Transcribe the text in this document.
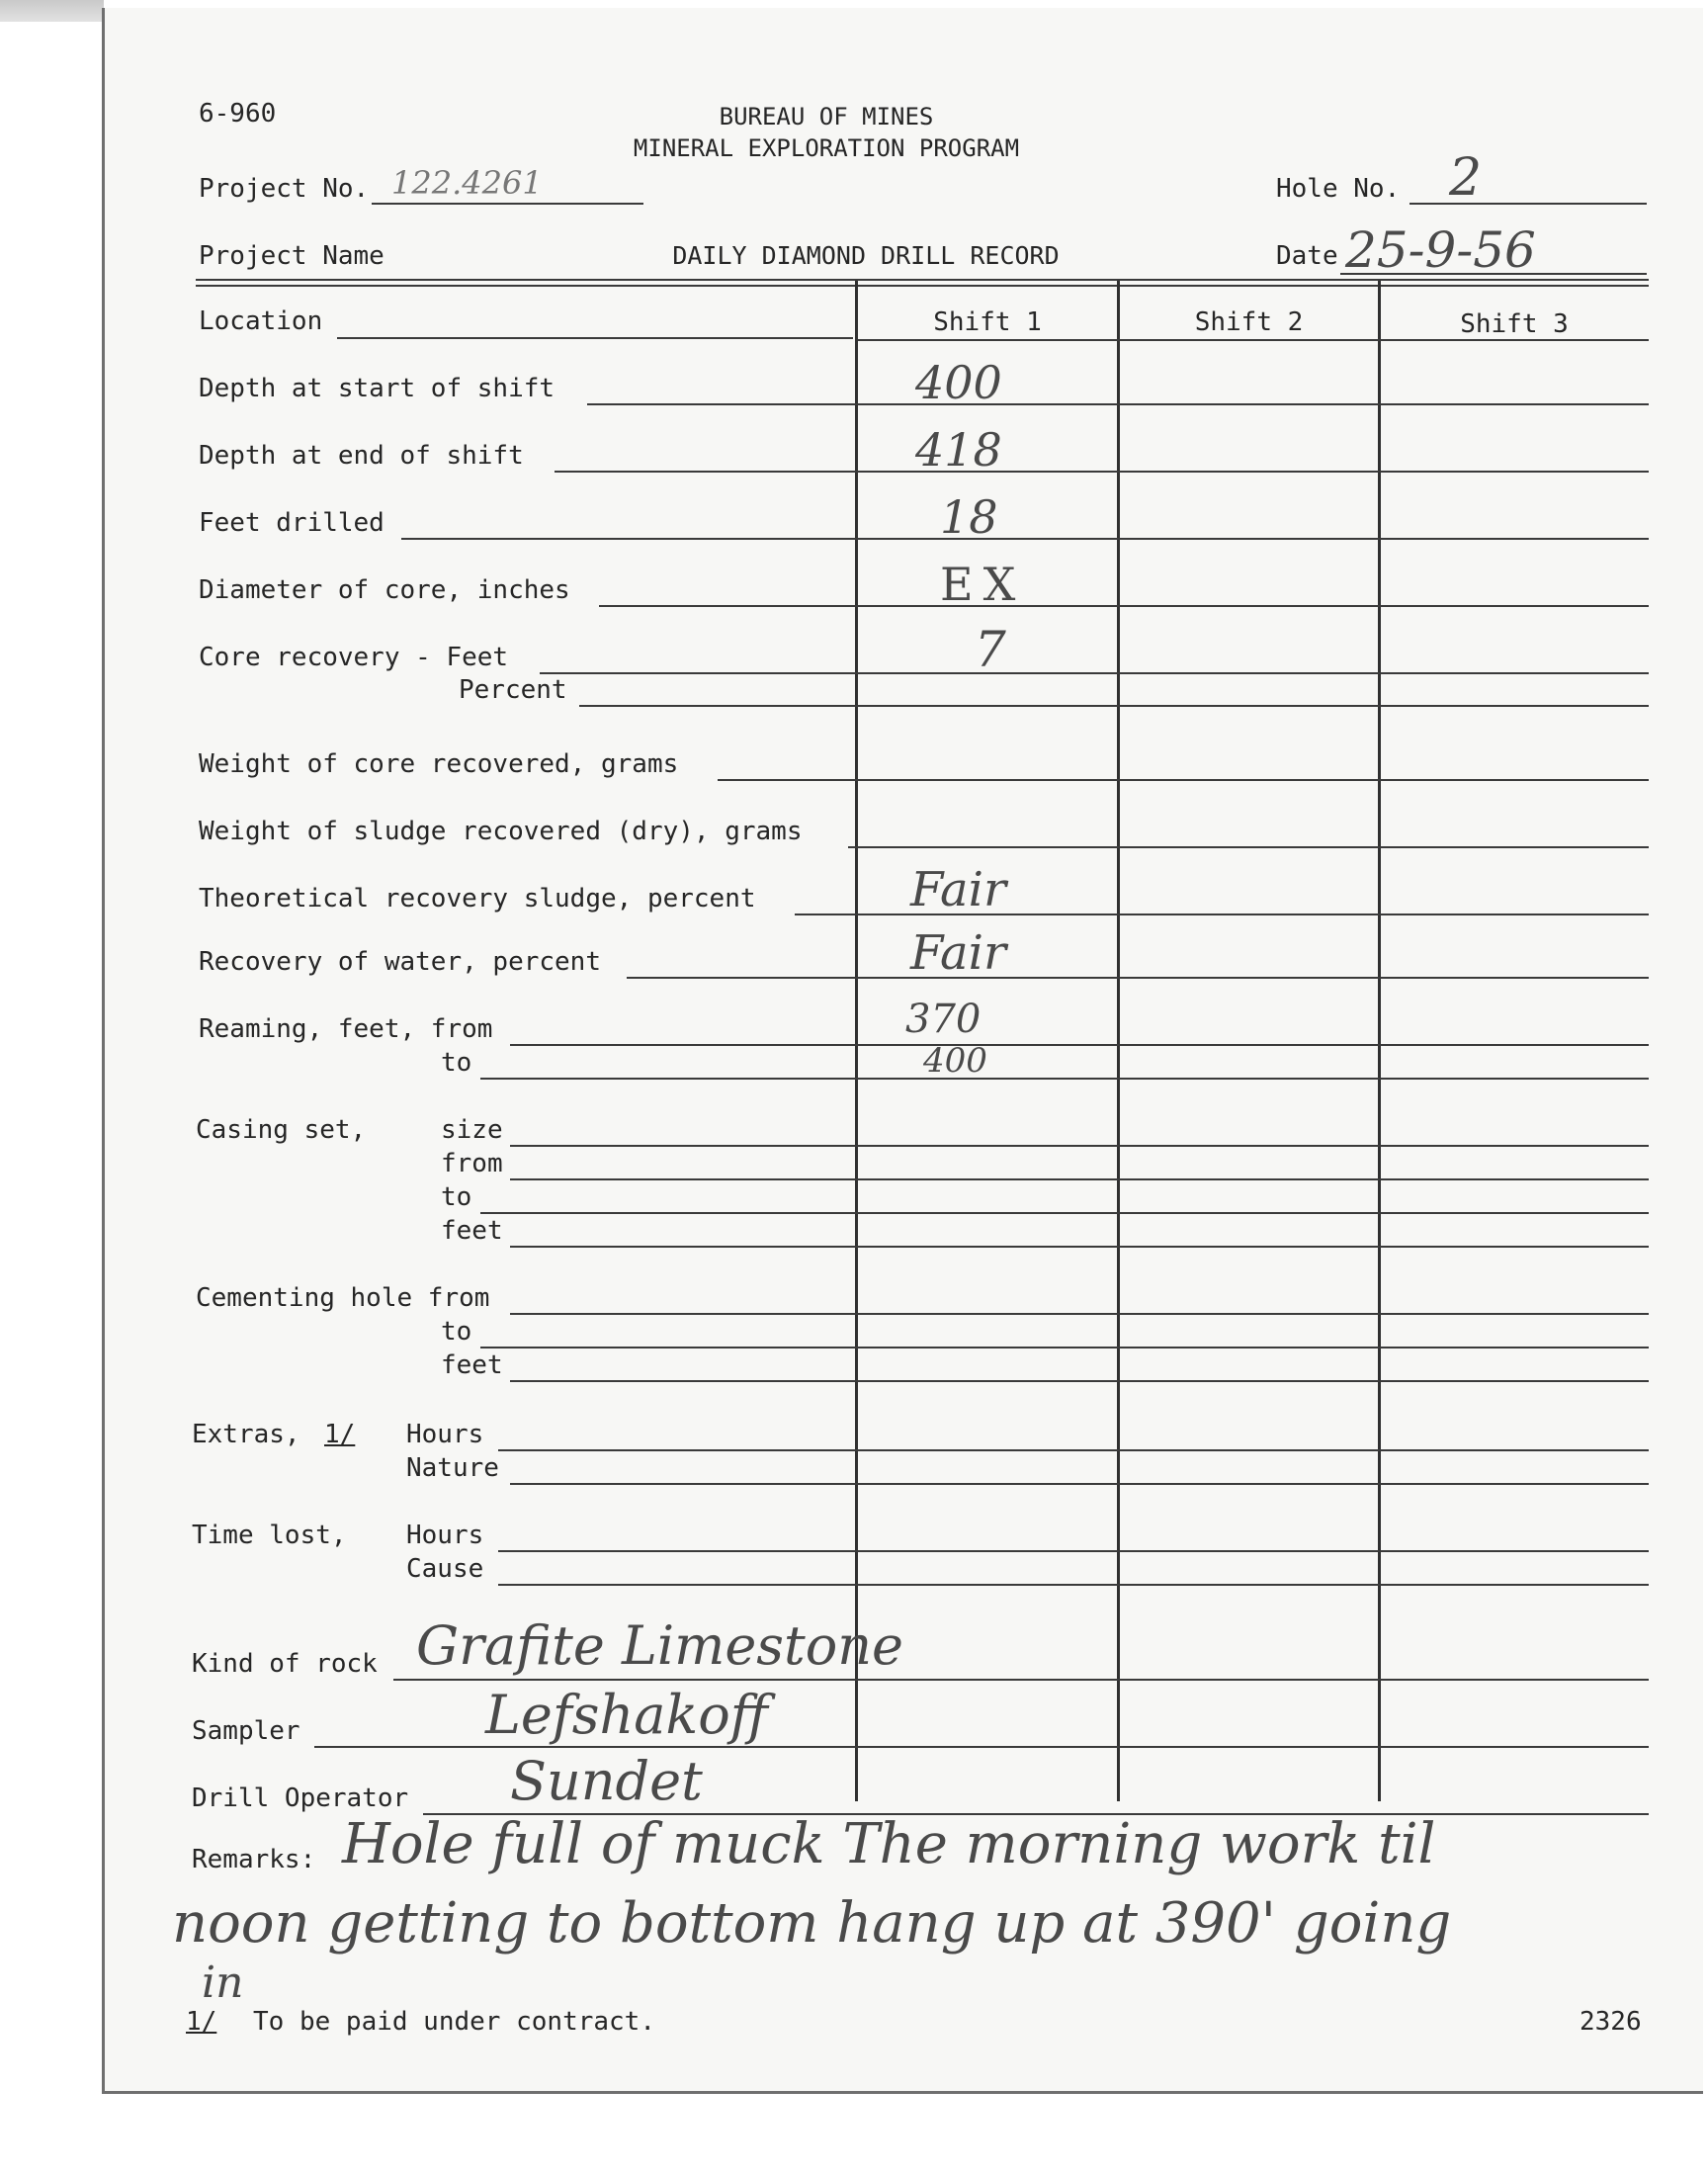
6-960	BUREAU OF MINES
MINERAL EXPLORATION PROGRAM
Project No. 122.4261	Hole No. 2
Project Name	DAILY DIAMOND DRILL RECORD	Date 25-9-56
Location	Shift 1	Shift 2	Shift 3
Depth at start of shift	400
Depth at end of shift	418
Feet drilled	18
Diameter of core, inches	EX
Core recovery - Feet	7
Percent
Weight of core recovered, grams
Weight of sludge recovered (dry), grams
Theoretical recovery sludge, percent	Fair
Recovery of water, percent	Fair
Reaming, feet, from	370
to	400
Casing set,	size
from
to
feet
Cementing hole from
to
feet
Extras, 1/ Hours
Nature
Time lost, Hours
Cause
Kind of rock Grafite Limestone
Sampler	Lefshakoff
Drill Operator Sundet
Remarks: Hole full of muck The morning work til
noon getting to bottom hang up at 390' going
in
1/ To be paid under contract.	2326
